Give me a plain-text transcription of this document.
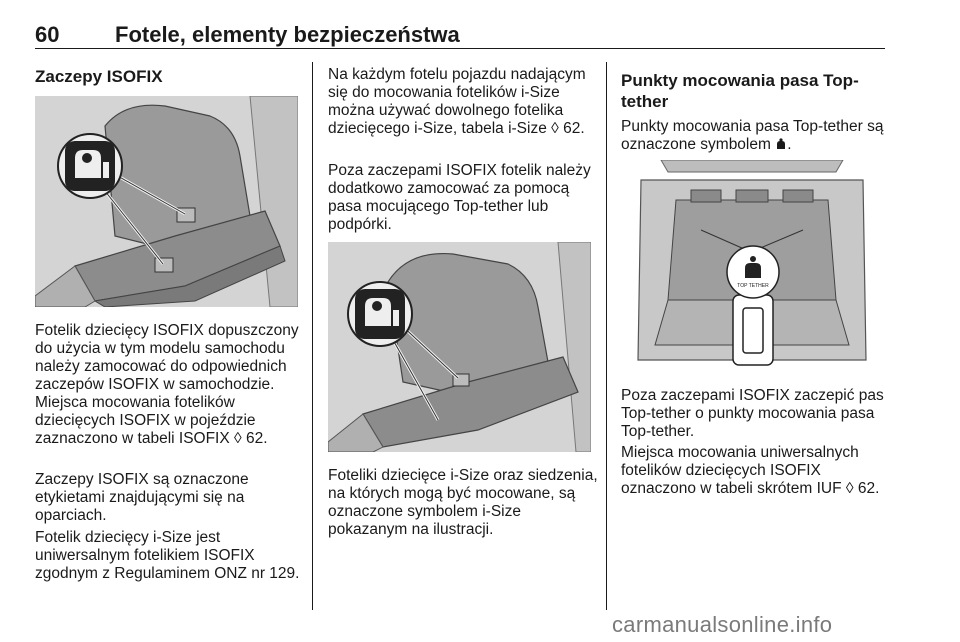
60	Fotele, elementy bezpieczeństwa
Zaczepy ISOFIX
Fotelik dziecięcy ISOFIX dopuszczony do użycia w tym modelu samochodu należy zamocować do odpowiednich zaczepów ISOFIX w samochodzie. Miejsca mocowania fotelików dziecięcych ISOFIX w pojeździe zaznaczono w tabeli ISOFIX ◊ 62.
Zaczepy ISOFIX są oznaczone etykietami znajdującymi się na oparciach.
Fotelik dziecięcy i-Size jest uniwersalnym fotelikiem ISOFIX zgodnym z Regulaminem ONZ nr 129.
Na każdym fotelu pojazdu nadającym się do mocowania fotelików i-Size można używać dowolnego fotelika dziecięcego i-Size, tabela i-Size ◊ 62.
Poza zaczepami ISOFIX fotelik należy dodatkowo zamocować za pomocą pasa mocującego Top-tether lub podpórki.
Foteliki dziecięce i-Size oraz siedzenia, na których mogą być mocowane, są oznaczone symbolem i-Size pokazanym na ilustracji.
Punkty mocowania pasa Top-tether
Punkty mocowania pasa Top-tether są oznaczone symbolem .
TOP TETHER
Poza zaczepami ISOFIX zaczepić pas Top-tether o punkty mocowania pasa Top-tether.
Miejsca mocowania uniwersalnych fotelików dziecięcych ISOFIX oznaczono w tabeli skrótem IUF ◊ 62.
carmanualsonline.info
